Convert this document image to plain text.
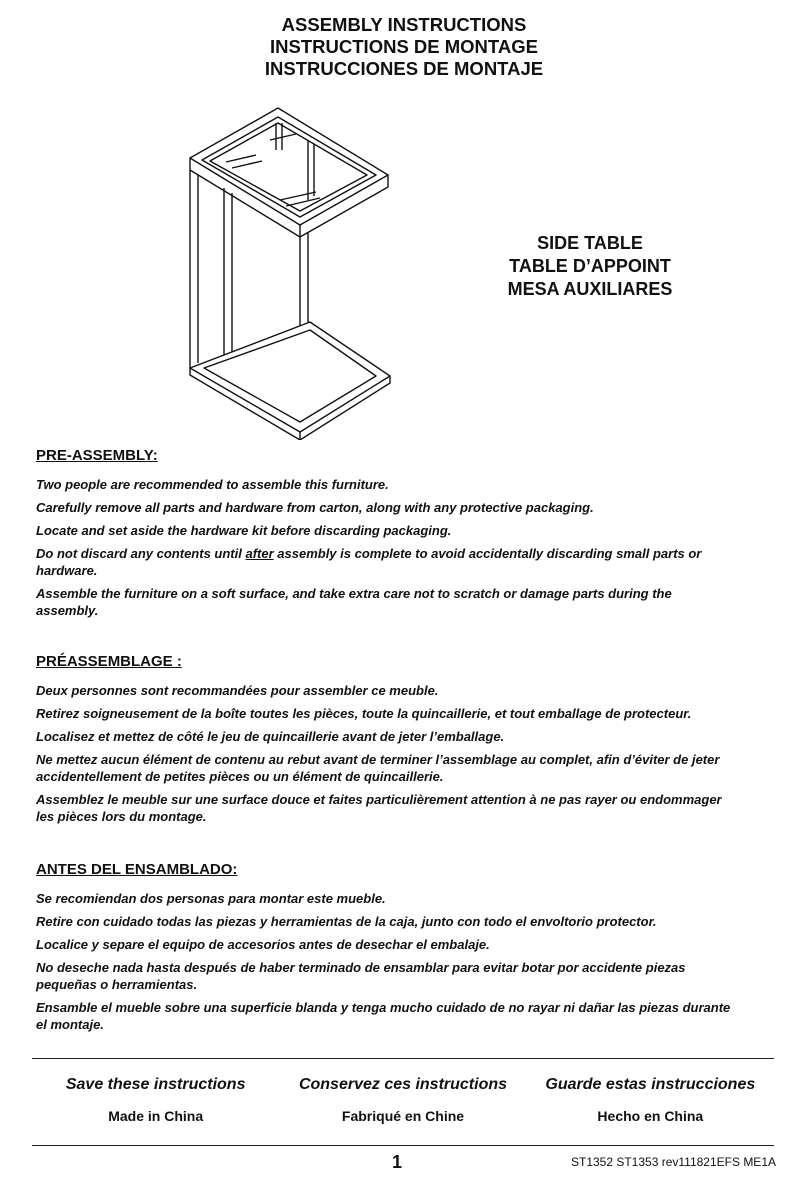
ASSEMBLY INSTRUCTIONS
INSTRUCTIONS DE MONTAGE
INSTRUCCIONES DE MONTAJE
SIDE TABLE
TABLE D’APPOINT
MESA AUXILIARES
PRE-ASSEMBLY:

Two people are recommended to assemble this furniture.

Carefully remove all parts and hardware from carton, along with any protective packaging.

Locate and set aside the hardware kit before discarding packaging.

Do not discard any contents until after assembly is complete to avoid accidentally discarding small parts or hardware.

Assemble the furniture on a soft surface, and take extra care not to scratch or damage parts during the assembly.

PRÉASSEMBLAGE :

Deux personnes sont recommandées pour assembler ce meuble.

Retirez soigneusement de la boîte toutes les pièces, toute la quincaillerie, et tout emballage de protecteur.

Localisez et mettez de côté le jeu de quincaillerie avant de jeter l’emballage.

Ne mettez aucun élément de contenu au rebut avant de terminer l’assemblage au complet, afin d’éviter de jeter accidentellement de petites pièces ou un élément de quincaillerie.

Assemblez le meuble sur une surface douce et faites particulièrement attention à ne pas rayer ou endommager les pièces lors du montage.

ANTES DEL ENSAMBLADO:

Se recomiendan dos personas para montar este mueble.

Retire con cuidado todas las piezas y herramientas de la caja, junto con todo el envoltorio protector.

Localice y separe el equipo de accesorios antes de desechar el embalaje.

No deseche nada hasta después de haber terminado de ensamblar para evitar botar por accidente piezas pequeñas o herramientas.

Ensamble el mueble sobre una superficie blanda y tenga mucho cuidado de no rayar ni dañar las piezas durante el montaje.

Save these instructions	Conservez ces instructions	Guarde estas instrucciones
Made in China	Fabriqué en Chine	Hecho en China
1	ST1352 ST1353 rev111821EFS ME1A
